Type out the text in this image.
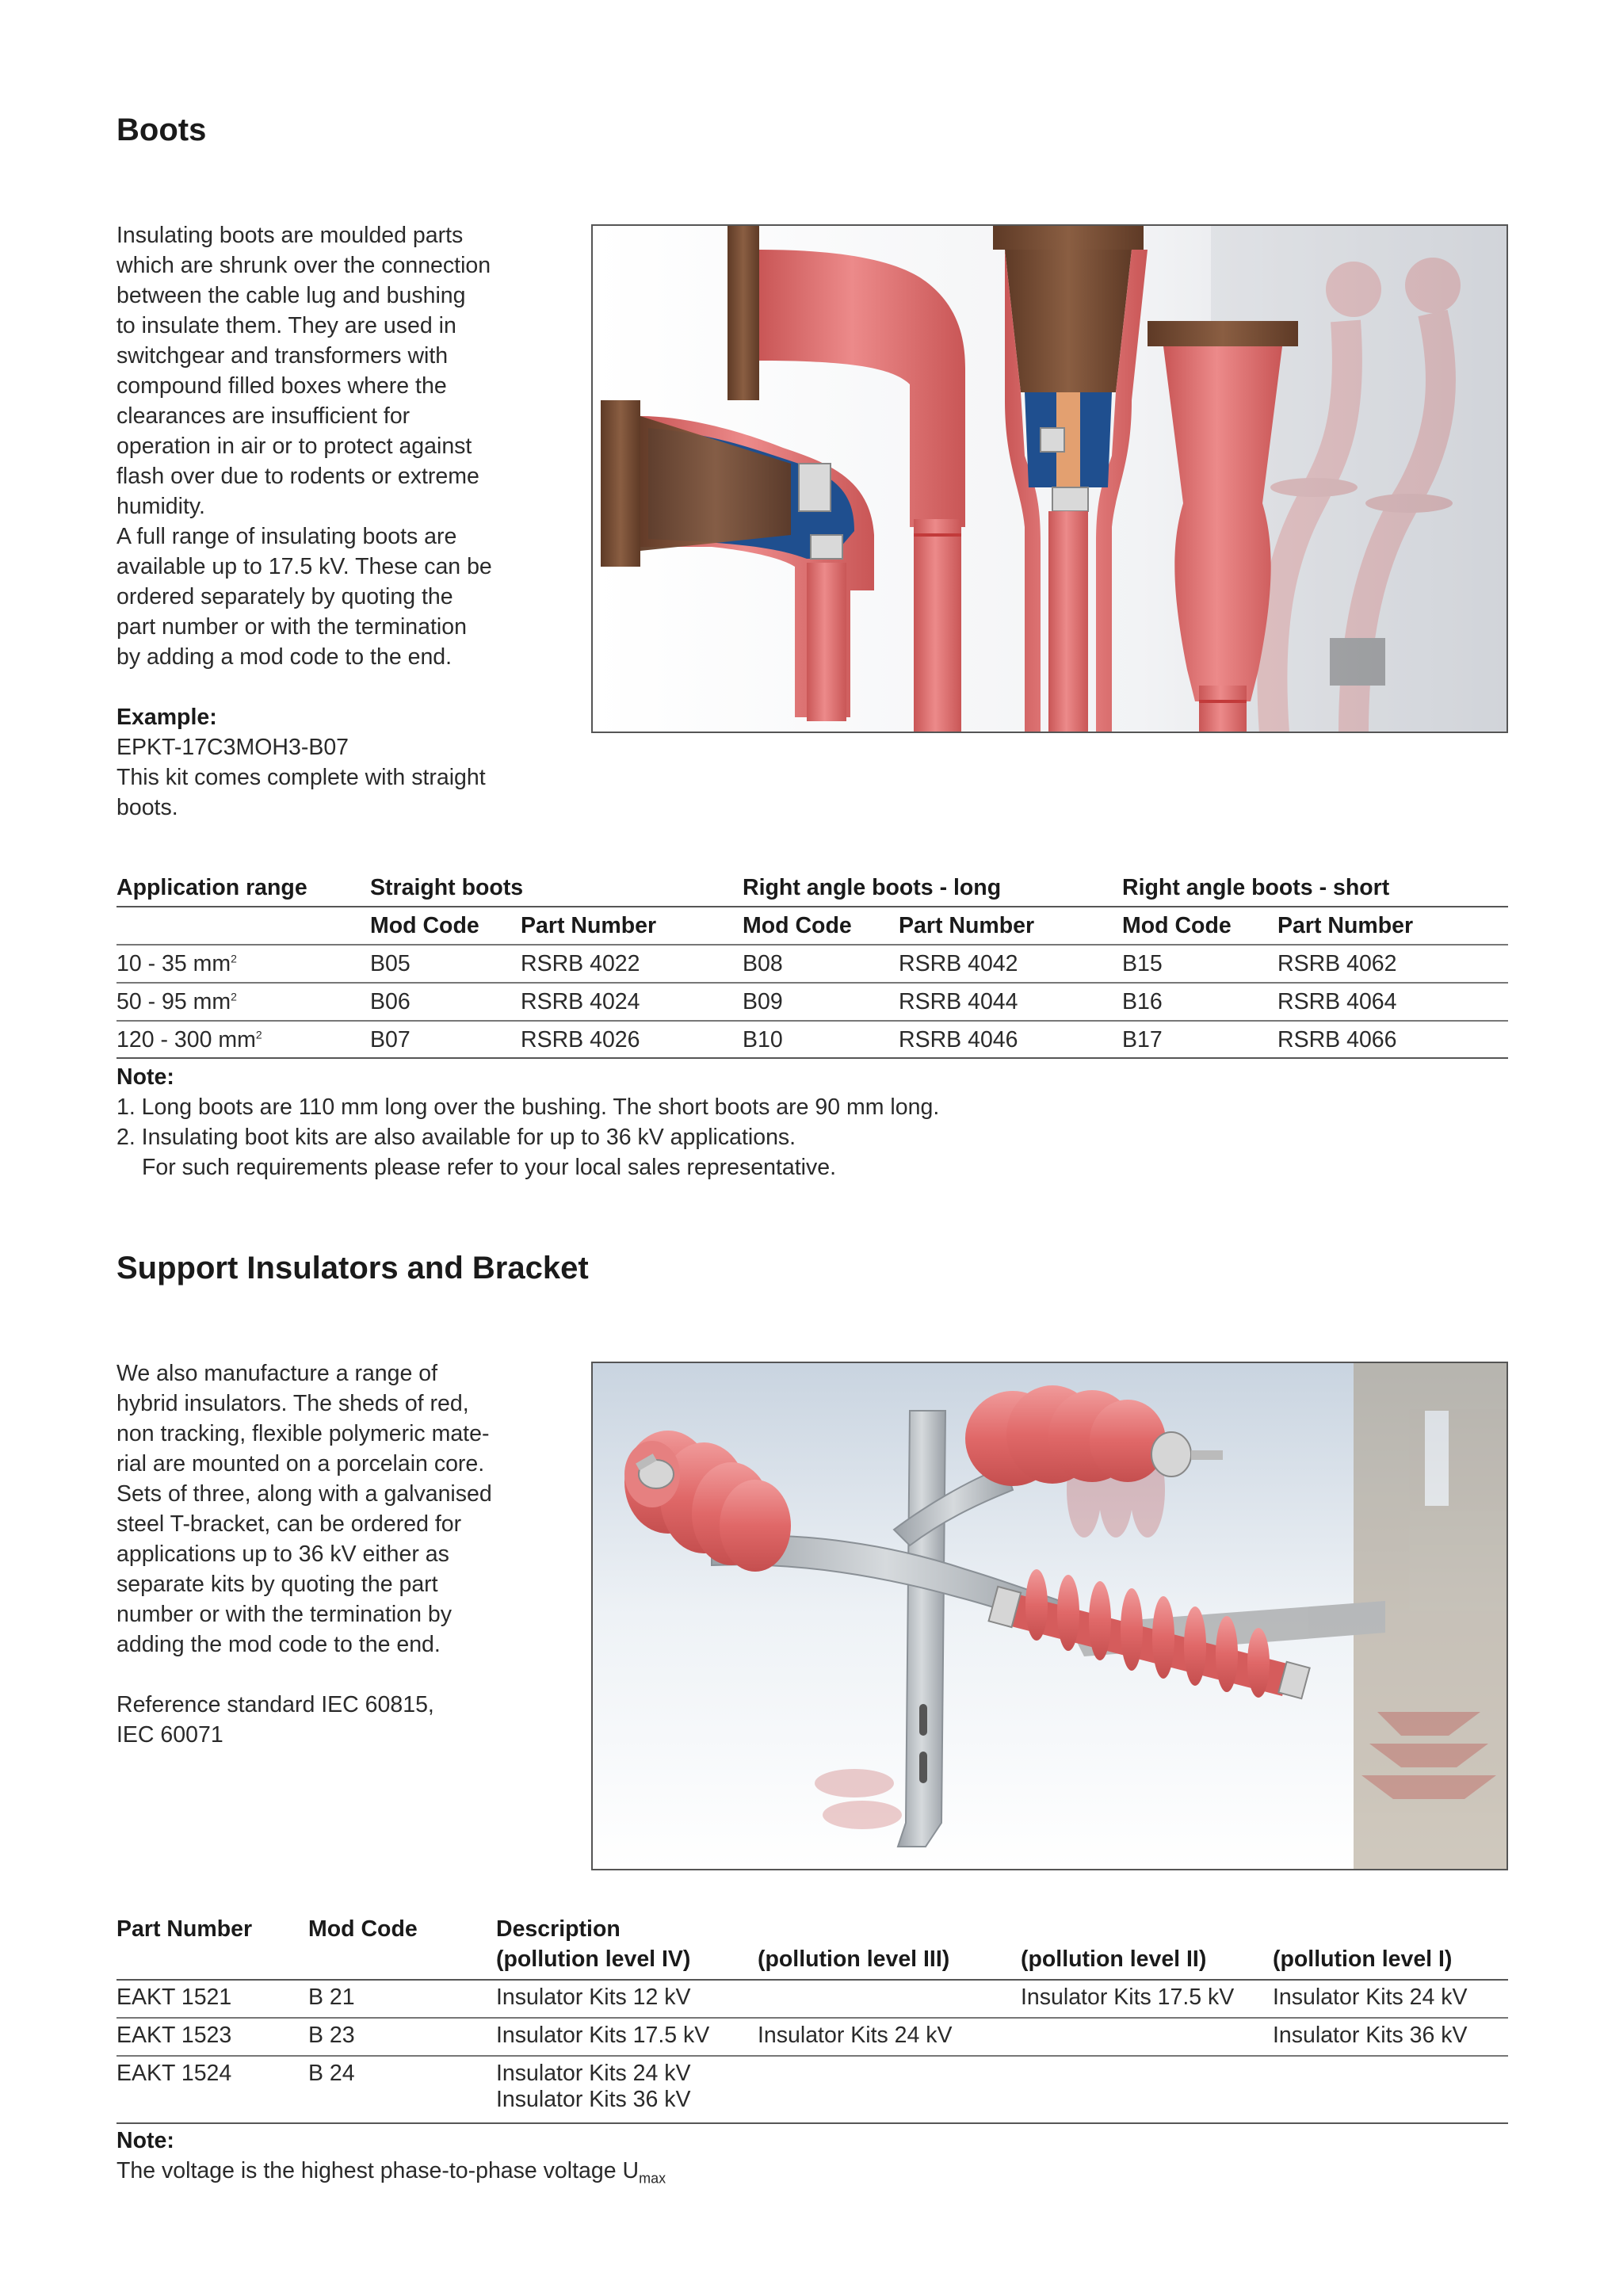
Boots
Insulating boots are moulded parts
which are shrunk over the connection
between the cable lug and bushing
to insulate them. They are used in
switchgear and transformers with
compound filled boxes where the
clearances are insufficient for
operation in air or to protect against
flash over due to rodents or extreme
humidity.
A full range of insulating boots are
available up to 17.5 kV. These can be
ordered separately by quoting the
part number or with the termination
by adding a mod code to the end.
Example:
EPKT-17C3MOH3-B07
This kit comes complete with straight
boots.
Application range	Straight boots		Right angle boots - long		Right angle boots - short	
	Mod Code	Part Number	Mod Code	Part Number	Mod Code	Part Number
10 - 35 $mm^2$	B05	RSRB 4022	B08	RSRB 4042	B15	RSRB 4062
50 - 95 $mm^2$	B06	RSRB 4024	B09	RSRB 4044	B16	RSRB 4064
120 - 300 $mm^2$	B07	RSRB 4026	B10	RSRB 4046	B17	RSRB 4066
Note:
1. Long boots are 110 mm long over the bushing. The short boots are 90 mm long.
2. Insulating boot kits are also available for up to 36 kV applications.
For such requirements please refer to your local sales representative.
Support Insulators and Bracket
We also manufacture a range of
hybrid insulators. The sheds of red,
non tracking, flexible polymeric mate-
rial are mounted on a porcelain core.
Sets of three, along with a galvanised
steel T-bracket, can be ordered for
applications up to 36 kV either as
separate kits by quoting the part
number or with the termination by
adding the mod code to the end.
Reference standard IEC 60815,
IEC 60071
Part Number	Mod Code	Description			
		(pollution level IV)	(pollution level III)	(pollution level II)	(pollution level I)
EAKT 1521	B 21	Insulator Kits 12 kV		Insulator Kits 17.5 kV	Insulator Kits 24 kV
EAKT 1523	B 23	Insulator Kits 17.5 kV	Insulator Kits 24 kV		Insulator Kits 36 kV
EAKT 1524	B 24	Insulator Kits 24 kV
Insulator Kits 36 kV			

Note:
The voltage is the highest phase-to-phase voltage $U_{max}$
